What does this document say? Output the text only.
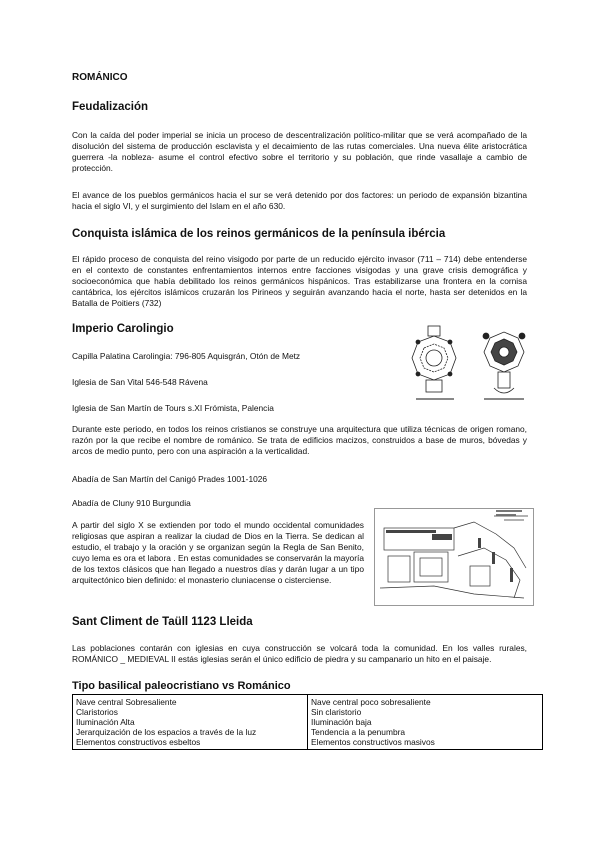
ROMÁNICO
Feudalización
Con la caída del poder imperial se inicia un proceso de descentralización político-militar que se verá acompañado de la disolución del sistema de producción esclavista y el decaimiento de las rutas comerciales. Una nueva élite aristocrática guerrera -la nobleza- asume el control efectivo sobre el territorio y su población, que rinde vasallaje a cambio de protección.
El avance de los pueblos germánicos hacia el sur se verá detenido por dos factores: un periodo de expansión bizantina hacia el siglo VI, y el surgimiento del Islam en el año 630.
Conquista islámica de los reinos germánicos de la península ibércia
El rápido proceso de conquista del reino visigodo por parte de un reducido ejército invasor (711 – 714) debe entenderse en el contexto de constantes enfrentamientos internos entre facciones visigodas y una grave crisis demográfica y socioeconómica que había debilitado los reinos germánicos hispánicos. Tras estabilizarse una frontera en la cornisa cantábrica, los ejércitos islámicos cruzarán los Pirineos y seguirán avanzando hacia el norte, hasta ser detenidos en la Batalla de Poitiers (732)
Imperio Carolingio
Capilla Palatina Carolingia: 796-805 Aquisgrán, Otón de Metz
Iglesia de San Vital 546-548 Rávena
Iglesia de San Martín de Tours s.XI Frómista, Palencia
Durante este periodo, en todos los reinos cristianos se construye una arquitectura que utiliza técnicas de origen romano, razón por la que recibe el nombre de románico. Se trata de edificios macizos, construidos a base de muros, bóvedas y arcos de medio punto, pero con una aspiración a la verticalidad.
Abadía de San Martín del Canigó Prades 1001-1026
Abadía de Cluny 910 Burgundia
A partir del siglo X se extienden por todo el mundo occidental comunidades religiosas que aspiran a realizar la ciudad de Dios en la Tierra. Se dedican al estudio, el trabajo y la oración y se organizan según la Regla de San Benito, cuyo lema es ora et labora . En estas comunidades se conservarán la mayoría de los textos clásicos que han llegado a nuestros días y darán lugar a un tipo arquitectónico bien definido: el monasterio cluniacense o cisterciense.
Sant Climent de Taüll 1123 Lleida
Las poblaciones contarán con iglesias en cuya construcción se volcará toda la comunidad. En los valles rurales, ROMÁNICO _ MEDIEVAL II estás iglesias serán el único edificio de piedra y su campanario un hito en el paisaje.
Tipo basilical paleocristiano vs Románico
Nave central Sobresaliente
Claristorios
Iluminación Alta
Jerarquización de los espacios a través de la luz
Elementos constructivos esbeltos

Nave central poco sobresaliente
Sin claristorio
Iluminación baja
Tendencia a la penumbra
Elementos constructivos masivos
